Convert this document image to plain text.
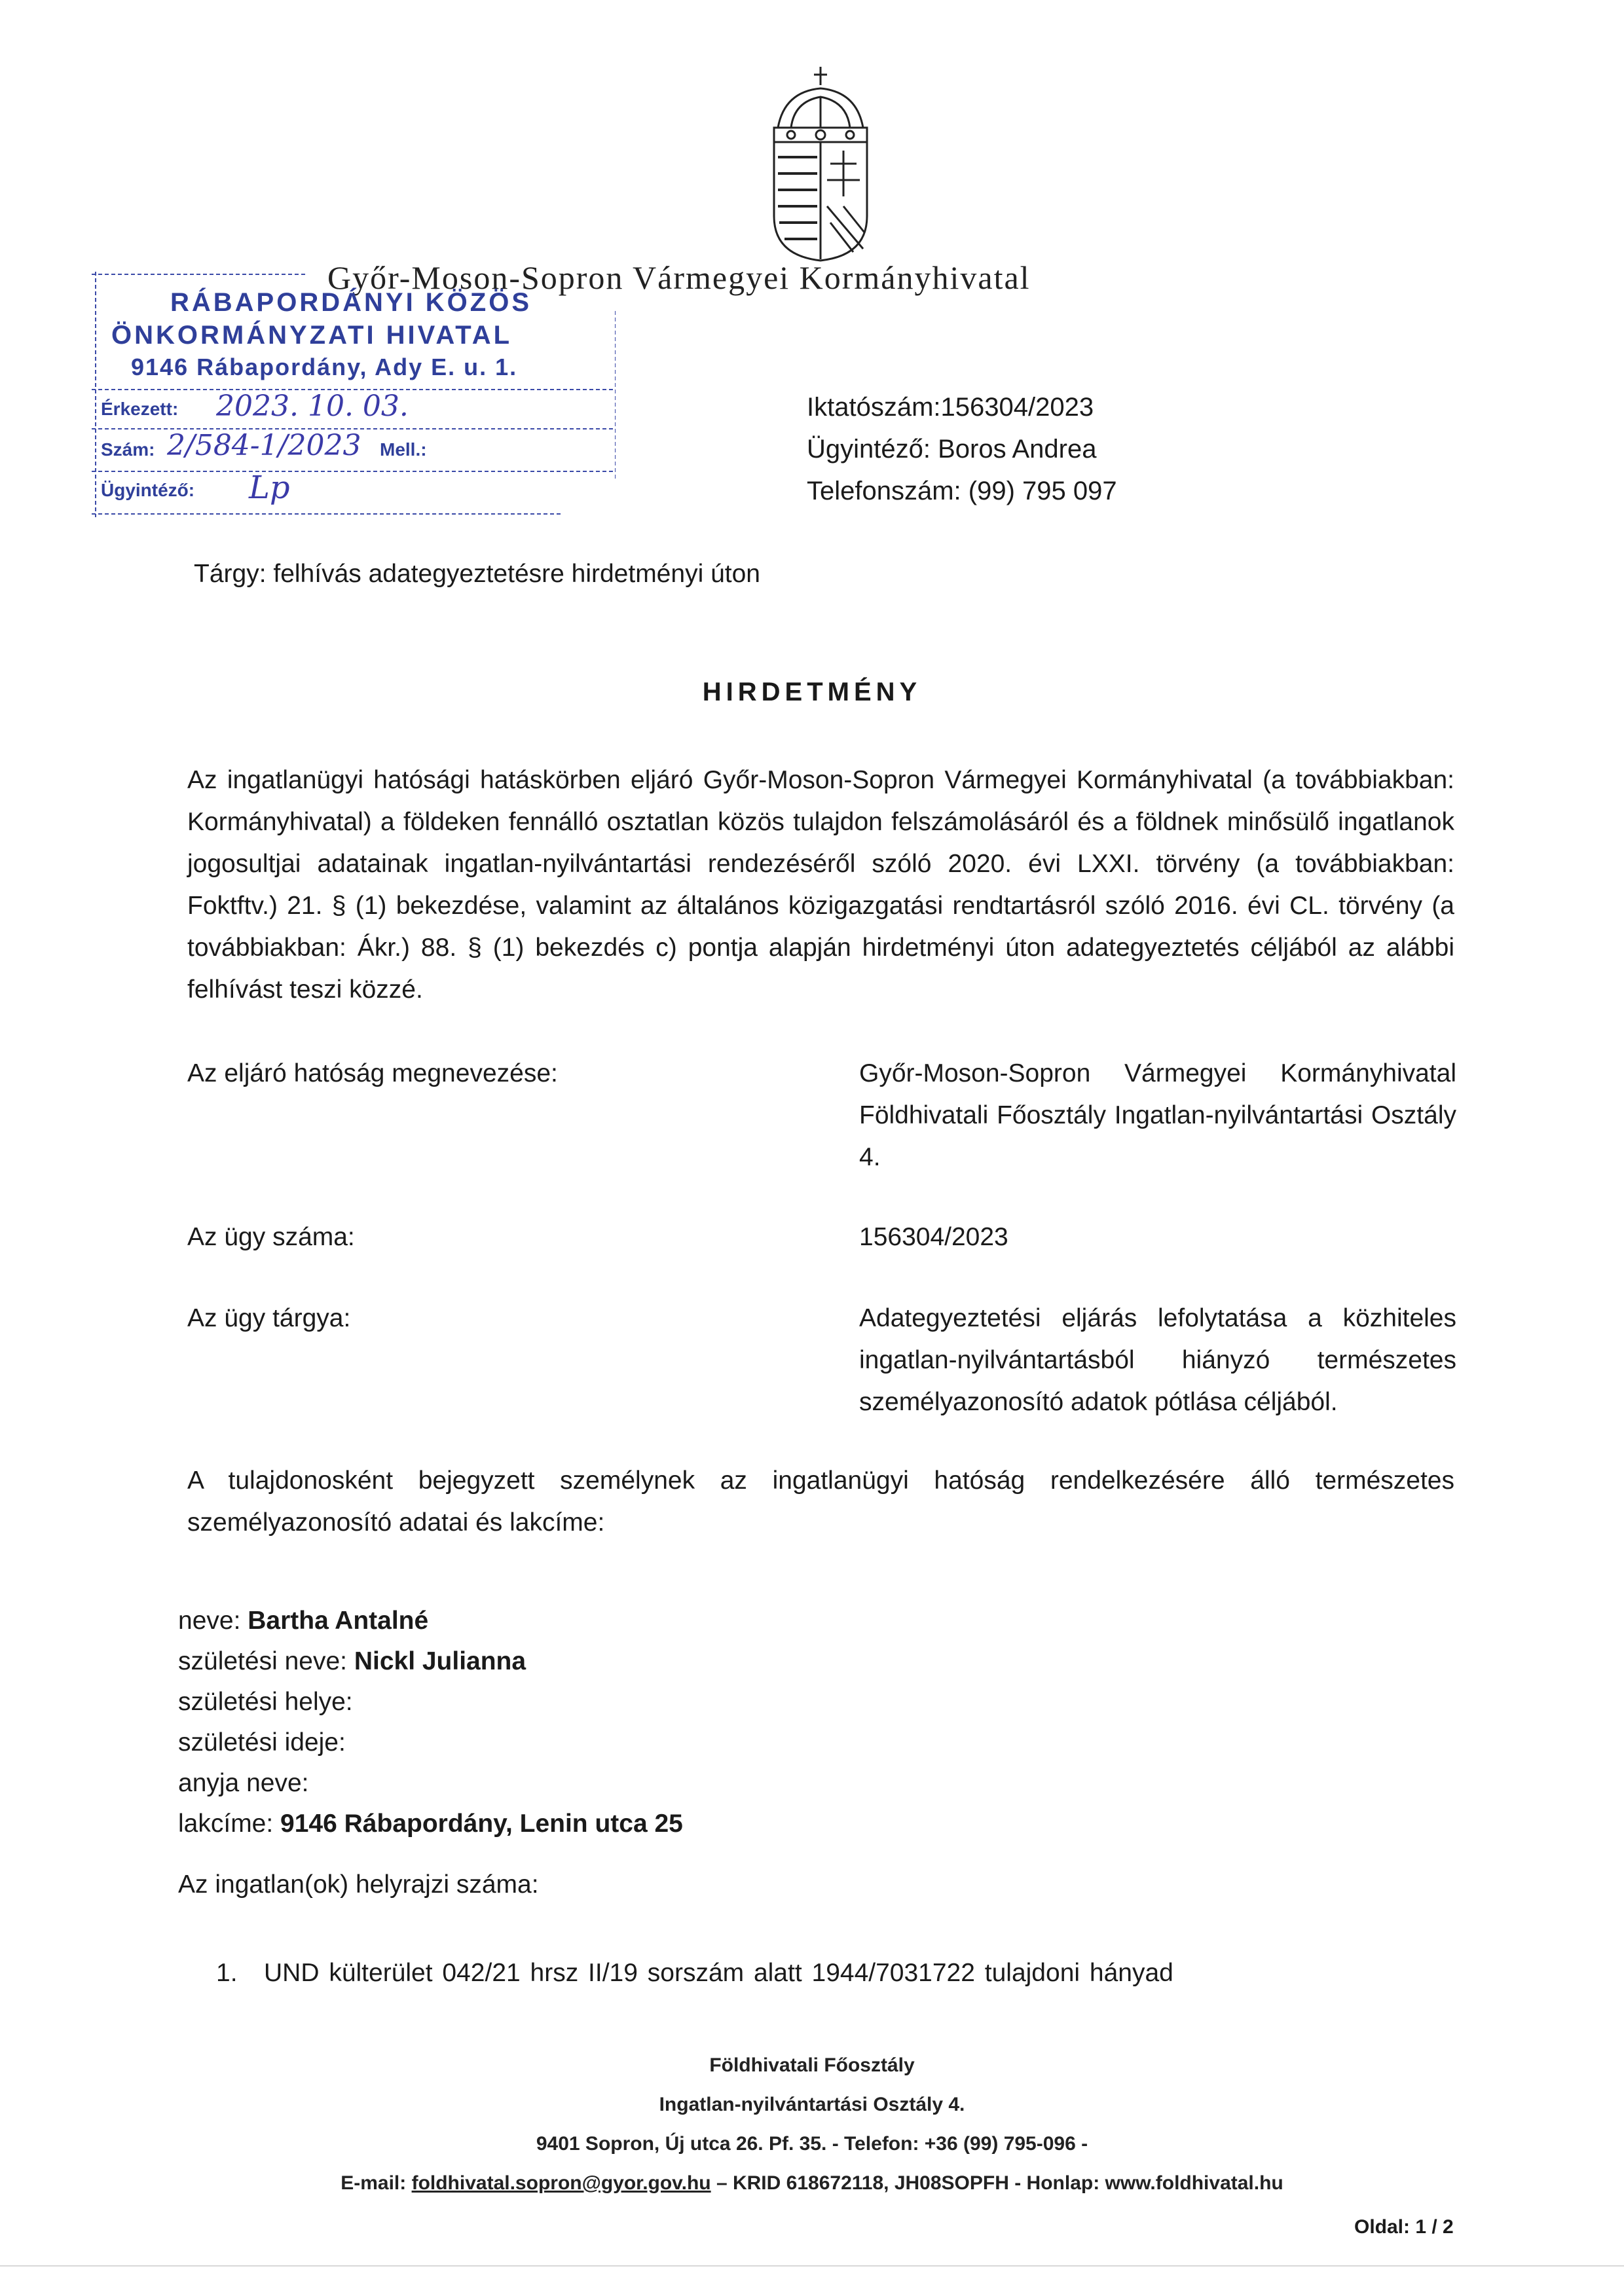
Győr-Moson-Sopron Vármegyei Kormányhivatal
RÁBAPORDÁNYI KÖZÖS
ÖNKORMÁNYZATI HIVATAL
9146 Rábapordány, Ady E. u. 1.
Érkezett: 2023. 10. 03.
Szám: 2/584-1/2023 Mell.:
Ügyintéző: Lp
Iktatószám:156304/2023
Ügyintéző: Boros Andrea
Telefonszám: (99) 795 097
Tárgy: felhívás adategyeztetésre hirdetményi úton
HIRDETMÉNY
Az ingatlanügyi hatósági hatáskörben eljáró Győr-Moson-Sopron Vármegyei Kormányhivatal (a továbbiakban: Kormányhivatal) a földeken fennálló osztatlan közös tulajdon felszámolásáról és a földnek minősülő ingatlanok jogosultjai adatainak ingatlan-nyilvántartási rendezéséről szóló 2020. évi LXXI. törvény (a továbbiakban: Foktftv.) 21. § (1) bekezdése, valamint az általános közigazgatási rendtartásról szóló 2016. évi CL. törvény (a továbbiakban: Ákr.) 88. § (1) bekezdés c) pontja alapján hirdetményi úton adategyeztetés céljából az alábbi felhívást teszi közzé.
Az eljáró hatóság megnevezése:	Győr-Moson-Sopron Vármegyei Kormányhivatal Földhivatali Főosztály Ingatlan-nyilvántartási Osztály 4.
Az ügy száma:	156304/2023
Az ügy tárgya:	Adategyeztetési eljárás lefolytatása a közhiteles ingatlan-nyilvántartásból hiányzó természetes személyazonosító adatok pótlása céljából.
A tulajdonosként bejegyzett személynek az ingatlanügyi hatóság rendelkezésére álló természetes személyazonosító adatai és lakcíme:
neve: Bartha Antalné
születési neve: Nickl Julianna
születési helye:
születési ideje:
anyja neve:
lakcíme: 9146 Rábapordány, Lenin utca 25
Az ingatlan(ok) helyrajzi száma:
1. UND külterület 042/21 hrsz II/19 sorszám alatt 1944/7031722 tulajdoni hányad
Földhivatali Főosztály
Ingatlan-nyilvántartási Osztály 4.
9401 Sopron, Új utca 26. Pf. 35. - Telefon: +36 (99) 795-096 -
E-mail: foldhivatal.sopron@gyor.gov.hu – KRID 618672118, JH08SOPFH - Honlap: www.foldhivatal.hu
Oldal: 1 / 2
